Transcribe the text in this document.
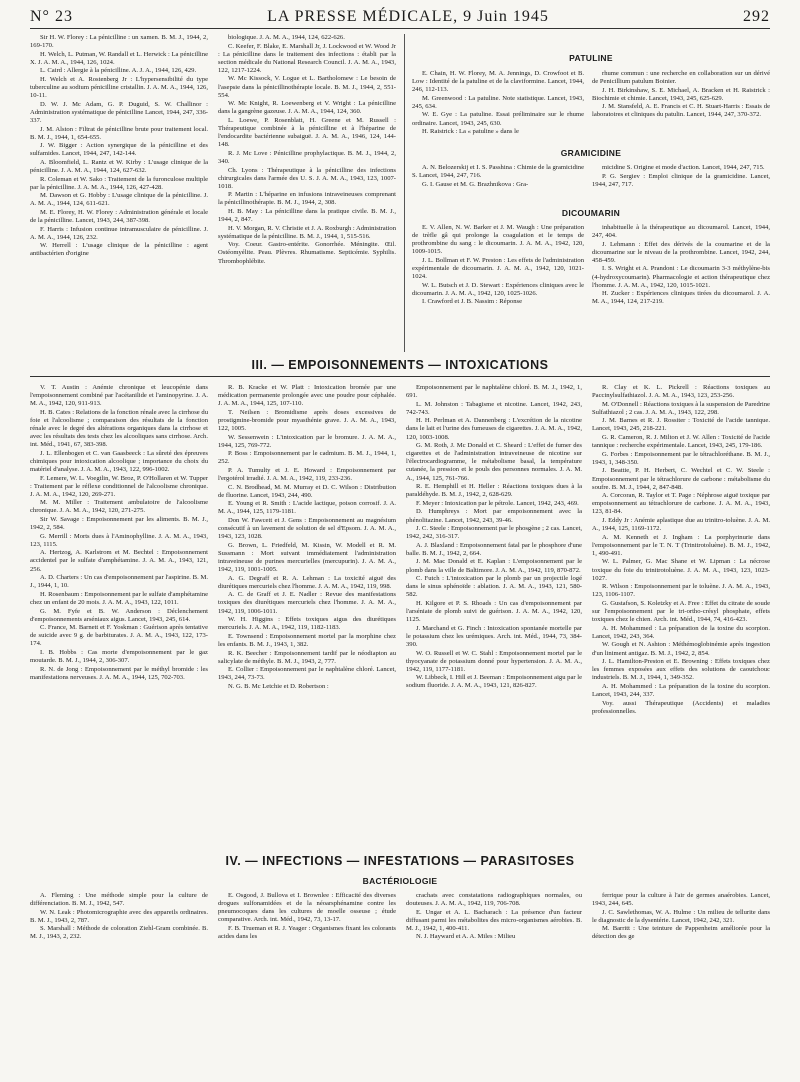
N° 23	LA PRESSE MÉDICALE, 9 Juin 1945	292

Sir H. W. Florey : La pénicilline : un xamen. B. M. J., 1944, 2, 169-170.

H. Welch, L. Putman, W. Randall et L. Herwick : La pénicilline X. J. A. M. A., 1944, 126, 1024.

L. Caird : Allergie à la pénicilline. A. J. A., 1944, 126, 429.

H. Welch et A. Rostenberg Jr : L'hypersensibilité du type tuberculine au sodium pénicilline cristallin. J. A. M. A., 1944, 126, 10-11.

D. W. J. Mc Adam, G. P. Duguid, S. W. Challinor : Administration systématique de pénicilline Lancet, 1944, 247, 336-337.

J. M. Alston : Filtrat de pénicilline brute pour traitement local. B. M. J., 1944, 1, 654-655.

J. W. Bigger : Action synergique de la pénicilline et des sulfamides. Lancet, 1944, 247, 142-144.

A. Bloomfield, L. Rantz et W. Kirby : L'usage clinique de la pénicilline. J. A. M. A., 1944, 124, 627-632.

R. Coleman et W. Sako : Traitement de la furonculose multiple par la pénicilline. J. A. M. A., 1944, 126, 427-428.

M. Dawson et G. Hobby : L'usage clinique de la pénicilline. J. A. M. A., 1944, 124, 611-621.

M. E. Florey, H. W. Florey : Administration générale et locale de la pénicilline. Lancet, 1943, 244, 387-398.

F. Harris : Infusion continue intramusculaire de pénicilline. J. A. M. A., 1944, 126, 232.

W. Herrell : L'usage clinique de la pénicilline : agent antibactérien d'origine

biologique. J. A. M. A., 1944, 124, 622-626.

C. Keefer, F. Blake, E. Marshall Jr, J. Lockwood et W. Wood Jr : La pénicilline dans le traitement des infections : établi par la section médicale du National Research Council. J. A. M. A., 1943, 122, 1217-1224.

W. Mc Kissock, V. Logue et L. Bartholomew : Le besoin de l'asepsie dans la pénicillinothérapie locale. B. M. J., 1944, 2, 551-554.

W. Mc Knight, R. Loewenberg et V. Wright : La pénicilline dans la gangrène gazeuse. J. A. M. A., 1944, 124, 360.

L. Loewe, P. Rosenblatt, H. Greene et M. Russell : Thérapeutique combinée à la pénicilline et à l'héparine de l'endocardite bactérienne subaiguë. J. A. M. A., 1946, 124, 144-148.

R. J. Mc Love : Pénicilline prophylactique. B. M. J., 1944, 2, 340.

Ch. Lyons : Thérapeutique à la pénicilline des infections chirurgicales dans l'armée des U. S. J. A. M. A., 1943, 123, 1007-1018.

P. Martin : L'héparine en infusions intraveineuses comprenant la pénicillinothérapie. B. M. J., 1944, 2, 308.

H. B. May : La pénicilline dans la pratique civile. B. M. J., 1944, 2, 847.

H. V. Morgan, R. V. Christie et J. A. Roxburgh : Administration systématique de la pénicilline. B. M. J., 1944, 1, 515-516.

Voy. Coeur. Gastro-entérite. Gonorrhée. Méningite. Œil. Ostéomyélite. Peau. Plèvres. Rhumatisme. Septicémie. Syphilis. Thrombophlébite.

PATULINE

E. Chain, H. W. Florey, M. A. Jennings, D. Crowfoot et B. Low : Identité de la patuline et de la claviformine. Lancet, 1944, 246, 112-113.

M. Greenwood : La patuline. Note statistique. Lancet, 1943, 245, 634.

W. E. Gye : La patuline. Essai préliminaire sur le rhume ordinaire. Lancet, 1943, 245, 630.

H. Raistrick : La « patuline » dans le

rhume commun : une recherche en collaboration sur un dérivé de Penicillium patulum Boinier.

J. H. Birkinshaw, S. E. Michael, A. Bracken et H. Raistrick : Biochimie et chimie. Lancet, 1943, 245, 625-629.

J. M. Stansfeld, A. E. Francis et C. H. Stuart-Harris : Essais de laboratoires et cliniques du patulin. Lancet, 1944, 247, 370-372.

GRAMICIDINE

A. N. Belozerskij et I. S. Passhina : Chimie de la gramicidine S. Lancet, 1944, 247, 716.

G. I. Gause et M. G. Brazhnikova : Gra-

micidine S. Origine et mode d'action. Lancet, 1944, 247, 715.

P. G. Sergiev : Emploi clinique de la gramicidine. Lancet, 1944, 247, 717.

DICOUMARIN

E. V. Allen, N. W. Barker et J. M. Waugh : Une préparation de trèfle gâ qui prolonge la coagulation et le temps de prothrombine du sang : le dicoumarin. J. A. M. A., 1942, 120, 1009-1015.

J. L. Bollman et F. W. Preston : Les effets de l'administration expérimentale de dicoumarin. J. A. M. A., 1942, 120, 1021-1024.

W. L. Butsch et J. D. Stewart : Expériences cliniques avec le dicoumarin. J. A. M. A., 1942, 120, 1025-1026.

I. Crawford et J. B. Nassim : Réponse

inhabituelle à la thérapeutique au dicoumarol. Lancet, 1944, 247, 404.

J. Lehmann : Effet des dérivés de la coumarine et de la dicoumarine sur le niveau de la prothrombine. Lancet, 1942, 244, 458-459.

I. S. Wright et A. Prandoni : Le dicoumarin 3-3 méthylène-bis (4-hydroxycoumarin). Pharmacologie et action thérapeutique chez l'homme. J. A. M. A., 1942, 120, 1015-1021.

H. Zucker : Expériences cliniques tirées du dicoumarol. J. A. M. A., 1944, 124, 217-219.

III. — EMPOISONNEMENTS — INTOXICATIONS

V. T. Austin : Anémie chronique et leucopénie dans l'empoisonnement combiné par l'acétanilide et l'aminopyrine. J. A. M. A., 1942, 120, 911-913.

H. B. Cates : Relations de la fonction rénale avec la cirrhose du foie et l'alcoolisme ; comparaison des résultats de la fonction rénale avec le degré des altérations organiques dans la cirrhose et avec les résultats des tests chez les alcooliques sans cirrhose. Arch. int. Méd., 1941, 67, 383-398.

J. L. Ellenbogen et C. van Gaasbeeck : La sûreté des épreuves chimiques pour intoxication alcoolique ; importance du choix du matériel d'analyse. J. A. M. A., 1943, 122, 996-1002.

F. Lemere, W. L. Voegtlin, W. Broz, P. O'Hollaren et W. Tupper : Traitement par le réflexe conditionnel de l'alcoolisme chronique. J. A. M. A., 1942, 120, 269-271.

M. M. Miller : Traitement ambulatoire de l'alcoolisme chronique. J. A. M. A., 1942, 120, 271-275.

Sir W. Savage : Empoisonnement par les aliments. B. M. J., 1942, 2, 584.

G. Merrill : Morts dues à l'Aminophylline. J. A. M. A., 1943, 123, 1115.

A. Hertzog, A. Karlstrom et M. Bechtel : Empoisonnement accidentel par le sulfate d'amphétamine. J. A. M. A., 1943, 121, 256.

A. D. Charters : Un cas d'empoisonnement par l'aspirine. B. M. J., 1944, 1, 10.

H. Rosenbaum : Empoisonnement par le sulfate d'amphétamine chez un enfant de 20 mois. J. A. M. A., 1943, 122, 1011.

G. M. Fyfe et B. W. Anderson : Déclenchement d'empoisonnements arséniaux aigus. Lancet, 1943, 245, 614.

C. France, M. Barnett et F. Yoskman : Guérison après tentative de suicide avec 9 g. de barbiturates. J. A. M. A., 1943, 122, 173-174.

I. B. Hobbs : Cas morte d'empoisonnement par le gaz moutarde. B. M. J., 1944, 2, 306-307.

R. N. de Jong : Empoisonnement par le méthyl bromide : les manifestations nerveuses. J. A. M. A., 1944, 125, 702-703.

R. B. Kracke et W. Platt : Intoxication bromée par une médication permanente prolongée avec une poudre pour céphalée. J. A. M. A., 1944, 125, 107-110.

T. Neilsen : Bromidisme après doses excessives de prostigmine-bromide pour myasthénie grave. J. A. M. A., 1943, 122, 1005.

W. Sessenwein : L'intoxication par le bromure. J. A. M. A., 1944, 125, 769-772.

P. Boss : Empoisonnement par le cadmium. B. M. J., 1944, 1, 252.

P. A. Tumulty et J. E. Howard : Empoisonnement par l'ergotérol irradié. J. A. M. A., 1942, 119, 233-236.

C. N. Brodhead, M. M. Murray et D. C. Wilson : Distribution de fluorine. Lancet, 1943, 244, 490.

E. Young et R. Smith : L'acide lactique, poison corrosif. J. A. M. A., 1944, 125, 1179-1181.

Don W. Fawcett et J. Gens : Empoisonnement au magnésium consécutif à un lavement de solution de sel d'Epsom. J. A. M. A., 1943, 123, 1028.

G. Brown, L. Friedfeld, M. Kissin, W. Modell et R. M. Sussmann : Mort suivant immédiatement l'administration intraveineuse de purines mercurielles (mercupurin). J. A. M. A., 1942, 119, 1001-1005.

A. G. Degraff et R. A. Lehman : La toxicité aiguë des diurétiques mercuriels chez l'homme. J. A. M. A., 1942, 119, 998.

A. C. de Graff et J. E. Nadler : Revue des manifestations toxiques des diurétiques mercuriels chez l'homme. J. A. M. A., 1942, 119, 1006-1011.

W. H. Higgins : Effets toxiques aigus des diurétiques mercuriels. J. A. M. A., 1942, 119, 1182-1183.

E. Townsend : Empoisonnement mortel par la morphine chez les enfants. B. M. J., 1943, 1, 382.

R. K. Beecher : Empoisonnement tardif par le néodiapton au salicylate de méthyle. B. M. J., 1943, 2, 777.

E. Collier : Empoisonnement par le naphtalène chloré. Lancet, 1943, 244, 73-73.

N. G. B. Mc Letchie et D. Robertson :

Empoisonnement par le naphtalène chloré. B. M. J., 1942, 1, 691.

L. M. Johnston : Tabagisme et nicotine. Lancet, 1942, 243, 742-743.

H. H. Perlman et A. Dannenberg : L'excrétion de la nicotine dans le lait et l'urine des fumeuses de cigarettes. J. A. M. A., 1942, 120, 1003-1008.

G. M. Roth, J. Mc Donald et C. Sheard : L'effet de fumer des cigarettes et de l'administration intraveineuse de nicotine sur l'électrocardiogramme, le métabolisme basal, la température cutanée, la pression et le pouls des personnes normales. J. A. M. A., 1944, 125, 761-766.

R. E. Hemphill et H. Heller : Réactions toxiques dues à la paraldéhyde. B. M. J., 1942, 2, 628-629.

F. Meyer : Intoxication par le pétrole. Lancet, 1942, 243, 469.

D. Humphreys : Mort par empoisonnement avec la phénolitazine. Lancet, 1942, 243, 39-46.

J. C. Steele : Empoisonnement par le phosgène ; 2 cas. Lancet, 1942, 242, 316-317.

A. J. Blaxland : Empoisonnement fatal par le phosphore d'une balle. B. M. J., 1942, 2, 664.

J. M. Mac Donald et E. Kaplan : L'empoisonnement par le plomb dans la ville de Baltimore. J. A. M. A., 1942, 119, 870-872.

C. Futch : L'intoxication par le plomb par un projectile logé dans le sinus sphénoïde : ablation. J. A. M. A., 1943, 121, 580-582.

H. Kilgore et P. S. Rhoads : Un cas d'empoisonnement par l'arséniate de plomb suivi de guérison. J. A. M. A., 1942, 120, 1125.

J. Marchand et G. Finch : Intoxication spontanée mortelle par le potassium chez les urémiques. Arch. int. Méd., 1944, 73, 384-390.

W. O. Russell et W. C. Stahl : Empoisonnement mortel par le thyocyanate de potassium donné pour hypertension. J. A. M. A., 1942, 119, 1177-1181.

W. Libbeck, I. Hill et J. Beeman : Empoisonnement aigu par le sodium fluoride. J. A. M. A., 1943, 121, 826-827.

R. Clay et K. L. Pickrell : Réactions toxiques au Paccinylsulfathiazol. J. A. M. A., 1943, 123, 253-256.

M. O'Donnell : Réactions toxiques à la suspension de Paredrine Sulfathiazol ; 2 cas. J. A. M. A., 1943, 122, 298.

J. M. Barnes et R. J. Rossiter : Toxicité de l'acide tannique. Lancet, 1943, 245, 218-221.

G. R. Cameron, R. J. Milton et J. W. Allen : Toxicité de l'acide tannique : recherche expérimentale. Lancet, 1943, 245, 179-186.

G. Forbes : Empoisonnement par le tétrachloréthane. B. M. J., 1943, 1, 348-350.

J. Beattie, P. H. Herbert, C. Wechtel et C. W. Steele : Empoisonnement par le tétrachlorure de carbone : métabolisme du soufre. B. M. J., 1944, 2, 847-848.

A. Corcoran, R. Taylor et T. Page : Néphrose aiguë toxique par empoisonnement au tétrachlorure de carbone. J. A. M. A., 1943, 123, 81-84.

J. Eddy Jr : Anémie aplastique due au trinitro-toluène. J. A. M. A., 1944, 125, 1169-1172.

A. M. Kenneth et J. Ingham : La porphyrinurie dans l'empoisonnement par le T. N. T (Trinitrotoluène). B. M. J., 1942, 1, 490-491.

W. L. Palmer, G. Mac Shane et W. Lipman : La nécrose toxique du foie du trinitrotoluène. J. A. M. A., 1943, 123, 1023-1027.

R. Wilson : Empoisonnement par le toluène. J. A. M. A., 1943, 123, 1106-1107.

G. Gustafson, S. Koletzky et A. Free : Effet du citrate de soude sur l'empoisonnement par le tri-ortho-crésyl phosphate, effets toxiques chez le chien. Arch. int. Méd., 1944, 74, 416-423.

A. H. Mohammed : La préparation de la toxine du scorpion. Lancet, 1942, 243, 364.

W. Gough et N. Ashton : Méthémoglobinémie après ingestion d'un liniment antigaz. B. M. J., 1942, 2, 854.

J. L. Hamilton-Preston et E. Browning : Effets toxiques chez les femmes exposées aux effets des solutions de caoutchouc industriels. B. M. J., 1944, 1, 349-352.

A. H. Mohammed : La préparation de la toxine du scorpion. Lancet, 1943, 244, 337.

Voy. aussi Thérapeutique (Accidents) et maladies professionnelles.

IV. — INFECTIONS — INFESTATIONS — PARASITOSES
BACTÉRIOLOGIE

A. Fleming : Une méthode simple pour la culture de différenciation. B. M. J., 1942, 547.

W. N. Leak : Photomicrographie avec des appareils ordinaires. B. M. J., 1943, 2, 787.

S. Marshall : Méthode de coloration Ziehl-Gram combinée. B. M. J., 1943, 2, 232.

E. Osgood, J. Bullova et I. Brownlee : Efficacité des diverses drogues sulfonamidées et de la néoarsphénamine contre les pneumocoques dans les cultures de moelle osseuse ; étude comparative. Arch. int. Méd., 1942, 73, 13-17.

F. B. Trueman et R. J. Yeager : Organismes fixant les colorants acides dans les

crachats avec constatations radiographiques normales, ou douteuses. J. A. M. A., 1942, 119, 706-708.

E. Ungar et A. L. Bacharach : La présence d'un facteur diffusant parmi les métabolites des micro-organismes aérobies. B. M. J., 1942, 1, 400-411.

N. J. Hayward et A. A. Miles : Milieu

ferrique pour la culture à l'air de germes anaérobies. Lancet, 1943, 244, 645.

J. C. Sawlethomas, W. A. Hulme : Un milieu de tellurite dans le diagnostic de la dysentérie. Lancet, 1942, 242, 321.

M. Barritt : Une teinture de Pappenheim améliorée pour la détection des ge
